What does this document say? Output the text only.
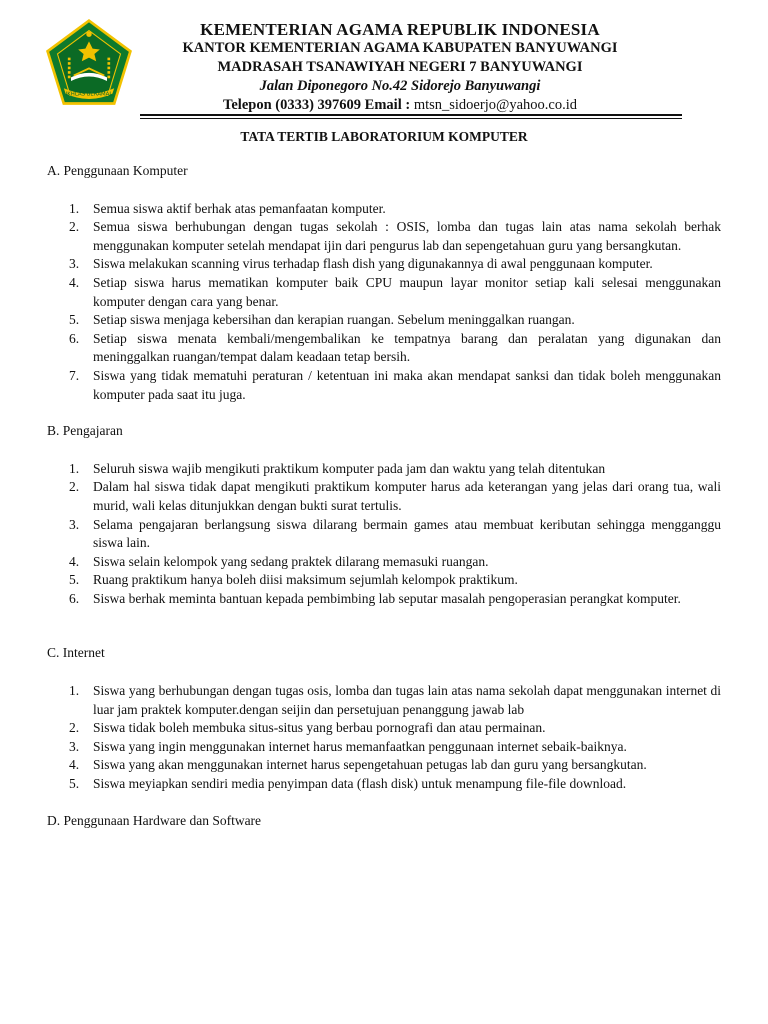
IKHLAS BERAMAL
KEMENTERIAN AGAMA REPUBLIK INDONESIA
KANTOR KEMENTERIAN AGAMA KABUPATEN BANYUWANGI
MADRASAH TSANAWIYAH NEGERI 7 BANYUWANGI
Jalan Diponegoro No.42 Sidorejo Banyuwangi
Telepon (0333) 397609 Email : mtsn_sidoerjo@yahoo.co.id
TATA TERTIB LABORATORIUM KOMPUTER
A. Penggunaan Komputer
1. Semua siswa aktif berhak atas pemanfaatan komputer.
2. Semua siswa berhubungan dengan tugas sekolah : OSIS, lomba dan tugas lain atas nama sekolah berhak menggunakan komputer setelah mendapat ijin dari pengurus lab dan sepengetahuan guru yang bersangkutan.
3. Siswa melakukan scanning virus terhadap flash dish yang digunakannya di awal penggunaan komputer.
4. Setiap siswa harus mematikan komputer baik CPU maupun layar monitor setiap kali selesai menggunakan komputer dengan cara yang benar.
5. Setiap siswa menjaga kebersihan dan kerapian ruangan. Sebelum meninggalkan ruangan.
6. Setiap siswa menata kembali/mengembalikan ke tempatnya barang dan peralatan yang digunakan dan meninggalkan ruangan/tempat dalam keadaan tetap bersih.
7. Siswa yang tidak mematuhi peraturan / ketentuan ini maka akan mendapat sanksi dan tidak boleh menggunakan komputer pada saat itu juga.
B. Pengajaran
1. Seluruh siswa wajib mengikuti praktikum komputer pada jam dan waktu yang telah ditentukan
2. Dalam hal siswa tidak dapat mengikuti praktikum komputer harus ada keterangan yang jelas dari orang tua, wali murid, wali kelas ditunjukkan dengan bukti surat tertulis.
3. Selama pengajaran berlangsung siswa dilarang bermain games atau membuat keributan sehingga mengganggu siswa lain.
4. Siswa selain kelompok yang sedang praktek dilarang memasuki ruangan.
5. Ruang praktikum hanya boleh diisi maksimum sejumlah kelompok praktikum.
6. Siswa berhak meminta bantuan kepada pembimbing lab seputar masalah pengoperasian perangkat komputer.
C. Internet
1. Siswa yang berhubungan dengan tugas osis, lomba dan tugas lain atas nama sekolah dapat menggunakan internet di luar jam praktek komputer.dengan seijin dan persetujuan penanggung jawab lab
2. Siswa tidak boleh membuka situs-situs yang berbau pornografi dan atau permainan.
3. Siswa yang ingin menggunakan internet harus memanfaatkan penggunaan internet sebaik-baiknya.
4. Siswa yang akan menggunakan internet harus sepengetahuan petugas lab dan guru yang bersangkutan.
5. Siswa meyiapkan sendiri media penyimpan data (flash disk) untuk menampung file-file download.
D. Penggunaan Hardware dan Software
